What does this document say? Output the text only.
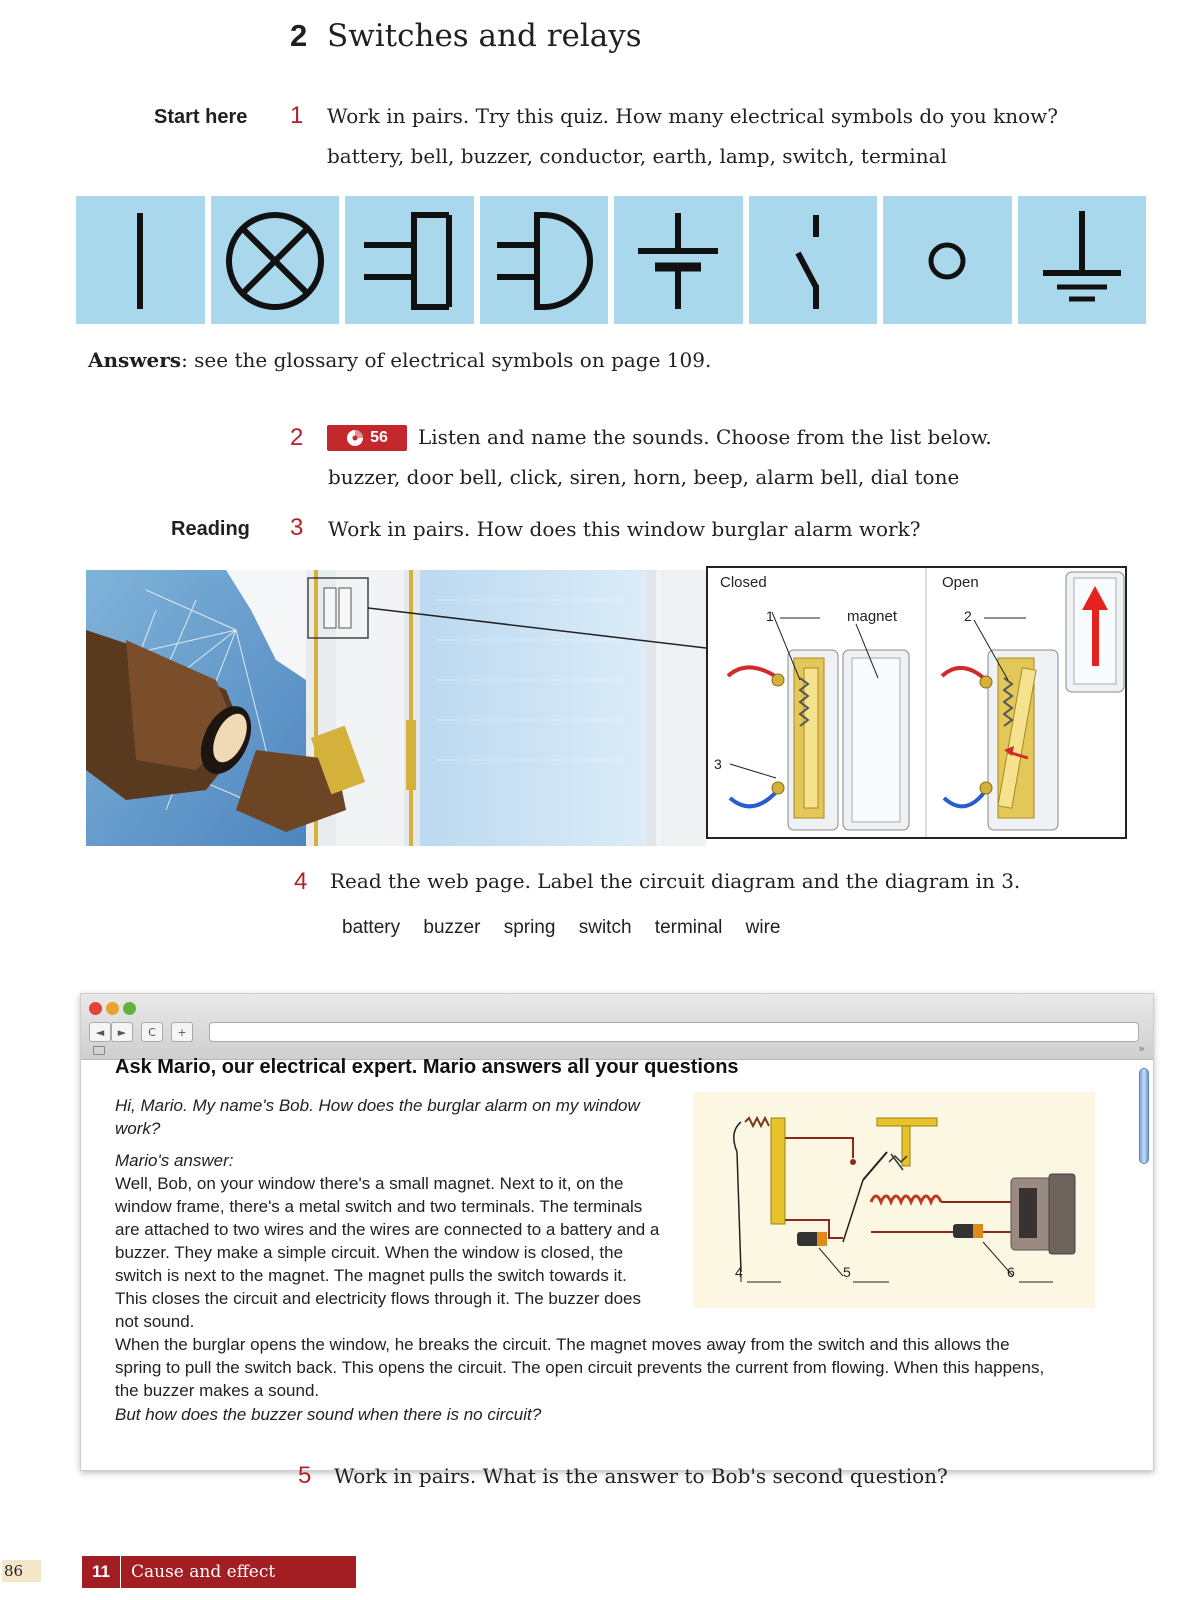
2 Switches and relays
Start here 1 Work in pairs. Try this quiz. How many electrical symbols do you know?
battery, bell, buzzer, conductor, earth, lamp, switch, terminal
Answers: see the glossary of electrical symbols on page 109.
2	56 Listen and name the sounds. Choose from the list below.
buzzer, door bell, click, siren, horn, beep, alarm bell, dial tone
Reading 3 Work in pairs. How does this window burglar alarm work?
Closed	Open
magnet
1	2
3
4 Read the web page. Label the circuit diagram and the diagram in 3.
battery buzzer spring switch terminal wire
◄	►	C	+
»
Ask Mario, our electrical expert. Mario answers all your questions
Hi, Mario. My name's Bob. How does the burglar alarm on my window work?
Mario's answer:
Well, Bob, on your window there's a small magnet. Next to it, on the window frame, there's a metal switch and two terminals. The terminals are attached to two wires and the wires are connected to a battery and a buzzer. They make a simple circuit. When the window is closed, the switch is next to the magnet. The magnet pulls the switch towards it. This closes the circuit and electricity flows through it. The buzzer does not sound.
When the burglar opens the window, he breaks the circuit. The magnet moves away from the switch and this allows the spring to pull the switch back. This opens the circuit. The open circuit prevents the current from flowing. When this happens, the buzzer makes a sound.
But how does the buzzer sound when there is no circuit?
4	5	6
5 Work in pairs. What is the answer to Bob's second question?
86	11	Cause and effect
